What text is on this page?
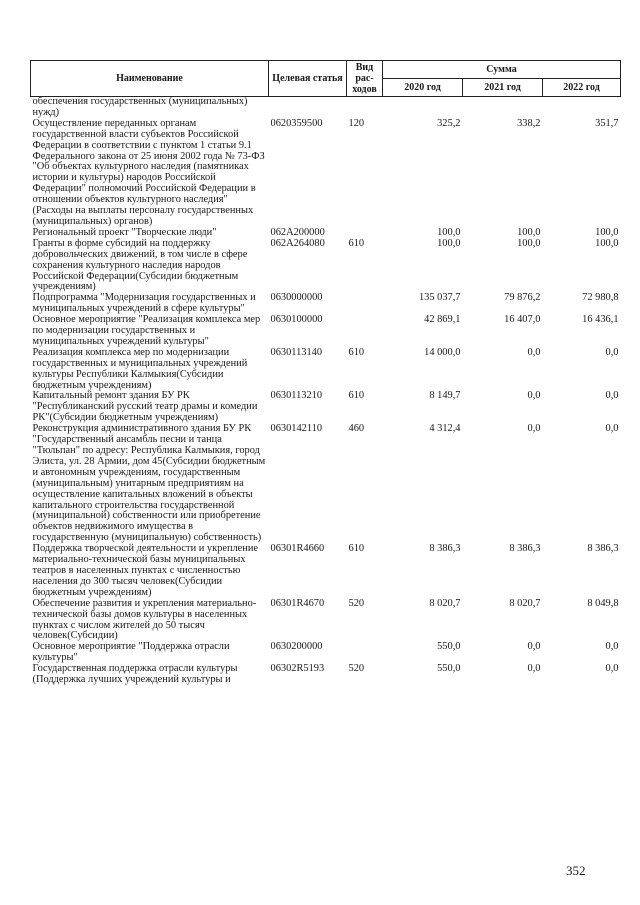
Наименование	Целевая статья	Вид рас-ходов	Сумма		
			2020 год	2021 год	2022 год
обеспечения государственных (муниципальных) нужд)					
Осуществление переданных органам государственной власти субъектов Российской Федерации в соответствии с пунктом 1 статьи 9.1 Федерального закона от 25 июня 2002 года № 73-ФЗ "Об объектах культурного наследия (памятниках истории и культуры) народов Российской Федерации" полномочий Российской Федерации в отношении объектов культурного наследия"(Расходы на выплаты персоналу государственных (муниципальных) органов)	0620359500	120	325,2	338,2	351,7
Региональный проект "Творческие люди"	062A200000		100,0	100,0	100,0
Гранты в форме субсидий на поддержку добровольческих движений, в том числе в сфере сохранения культурного наследия народов Российской Федерации(Субсидии бюджетным учреждениям)	062A264080	610	100,0	100,0	100,0
Подпрограмма "Модернизация государственных и муниципальных учреждений в сфере культуры"	0630000000		135 037,7	79 876,2	72 980,8
Основное мероприятие "Реализация комплекса мер по модернизации государственных и муниципальных учреждений культуры"	0630100000		42 869,1	16 407,0	16 436,1
Реализация комплекса мер по модернизации государственных и муниципальных учреждений культуры Республики Калмыкия(Субсидии бюджетным учреждениям)	0630113140	610	14 000,0	0,0	0,0
Капитальный ремонт здания БУ РК "Республиканский русский театр драмы и комедии РК"(Субсидии бюджетным учреждениям)	0630113210	610	8 149,7	0,0	0,0
Реконструкция административного здания БУ РК "Государственный ансамбль песни и танца "Тюльпан" по адресу: Республика Калмыкия, город Элиста, ул. 28 Армии, дом 45(Субсидии бюджетным и автономным учреждениям, государственным (муниципальным) унитарным предприятиям на осуществление капитальных вложений в объекты капитального строительства государственной (муниципальной) собственности или приобретение объектов недвижимого имущества в государственную (муниципальную) собственность)	0630142110	460	4 312,4	0,0	0,0
Поддержка творческой деятельности и укрепление материально-технической базы муниципальных театров в населенных пунктах с численностью населения до 300 тысяч человек(Субсидии бюджетным учреждениям)	06301R4660	610	8 386,3	8 386,3	8 386,3
Обеспечение развития и укрепления материально-технической базы домов культуры в населенных пунктах с числом жителей до 50 тысяч человек(Субсидии)	06301R4670	520	8 020,7	8 020,7	8 049,8
Основное мероприятие "Поддержка отрасли культуры"	0630200000		550,0	0,0	0,0
Государственная поддержка отрасли культуры (Поддержка лучших учреждений культуры и	06302R5193	520	550,0	0,0	0,0
352
